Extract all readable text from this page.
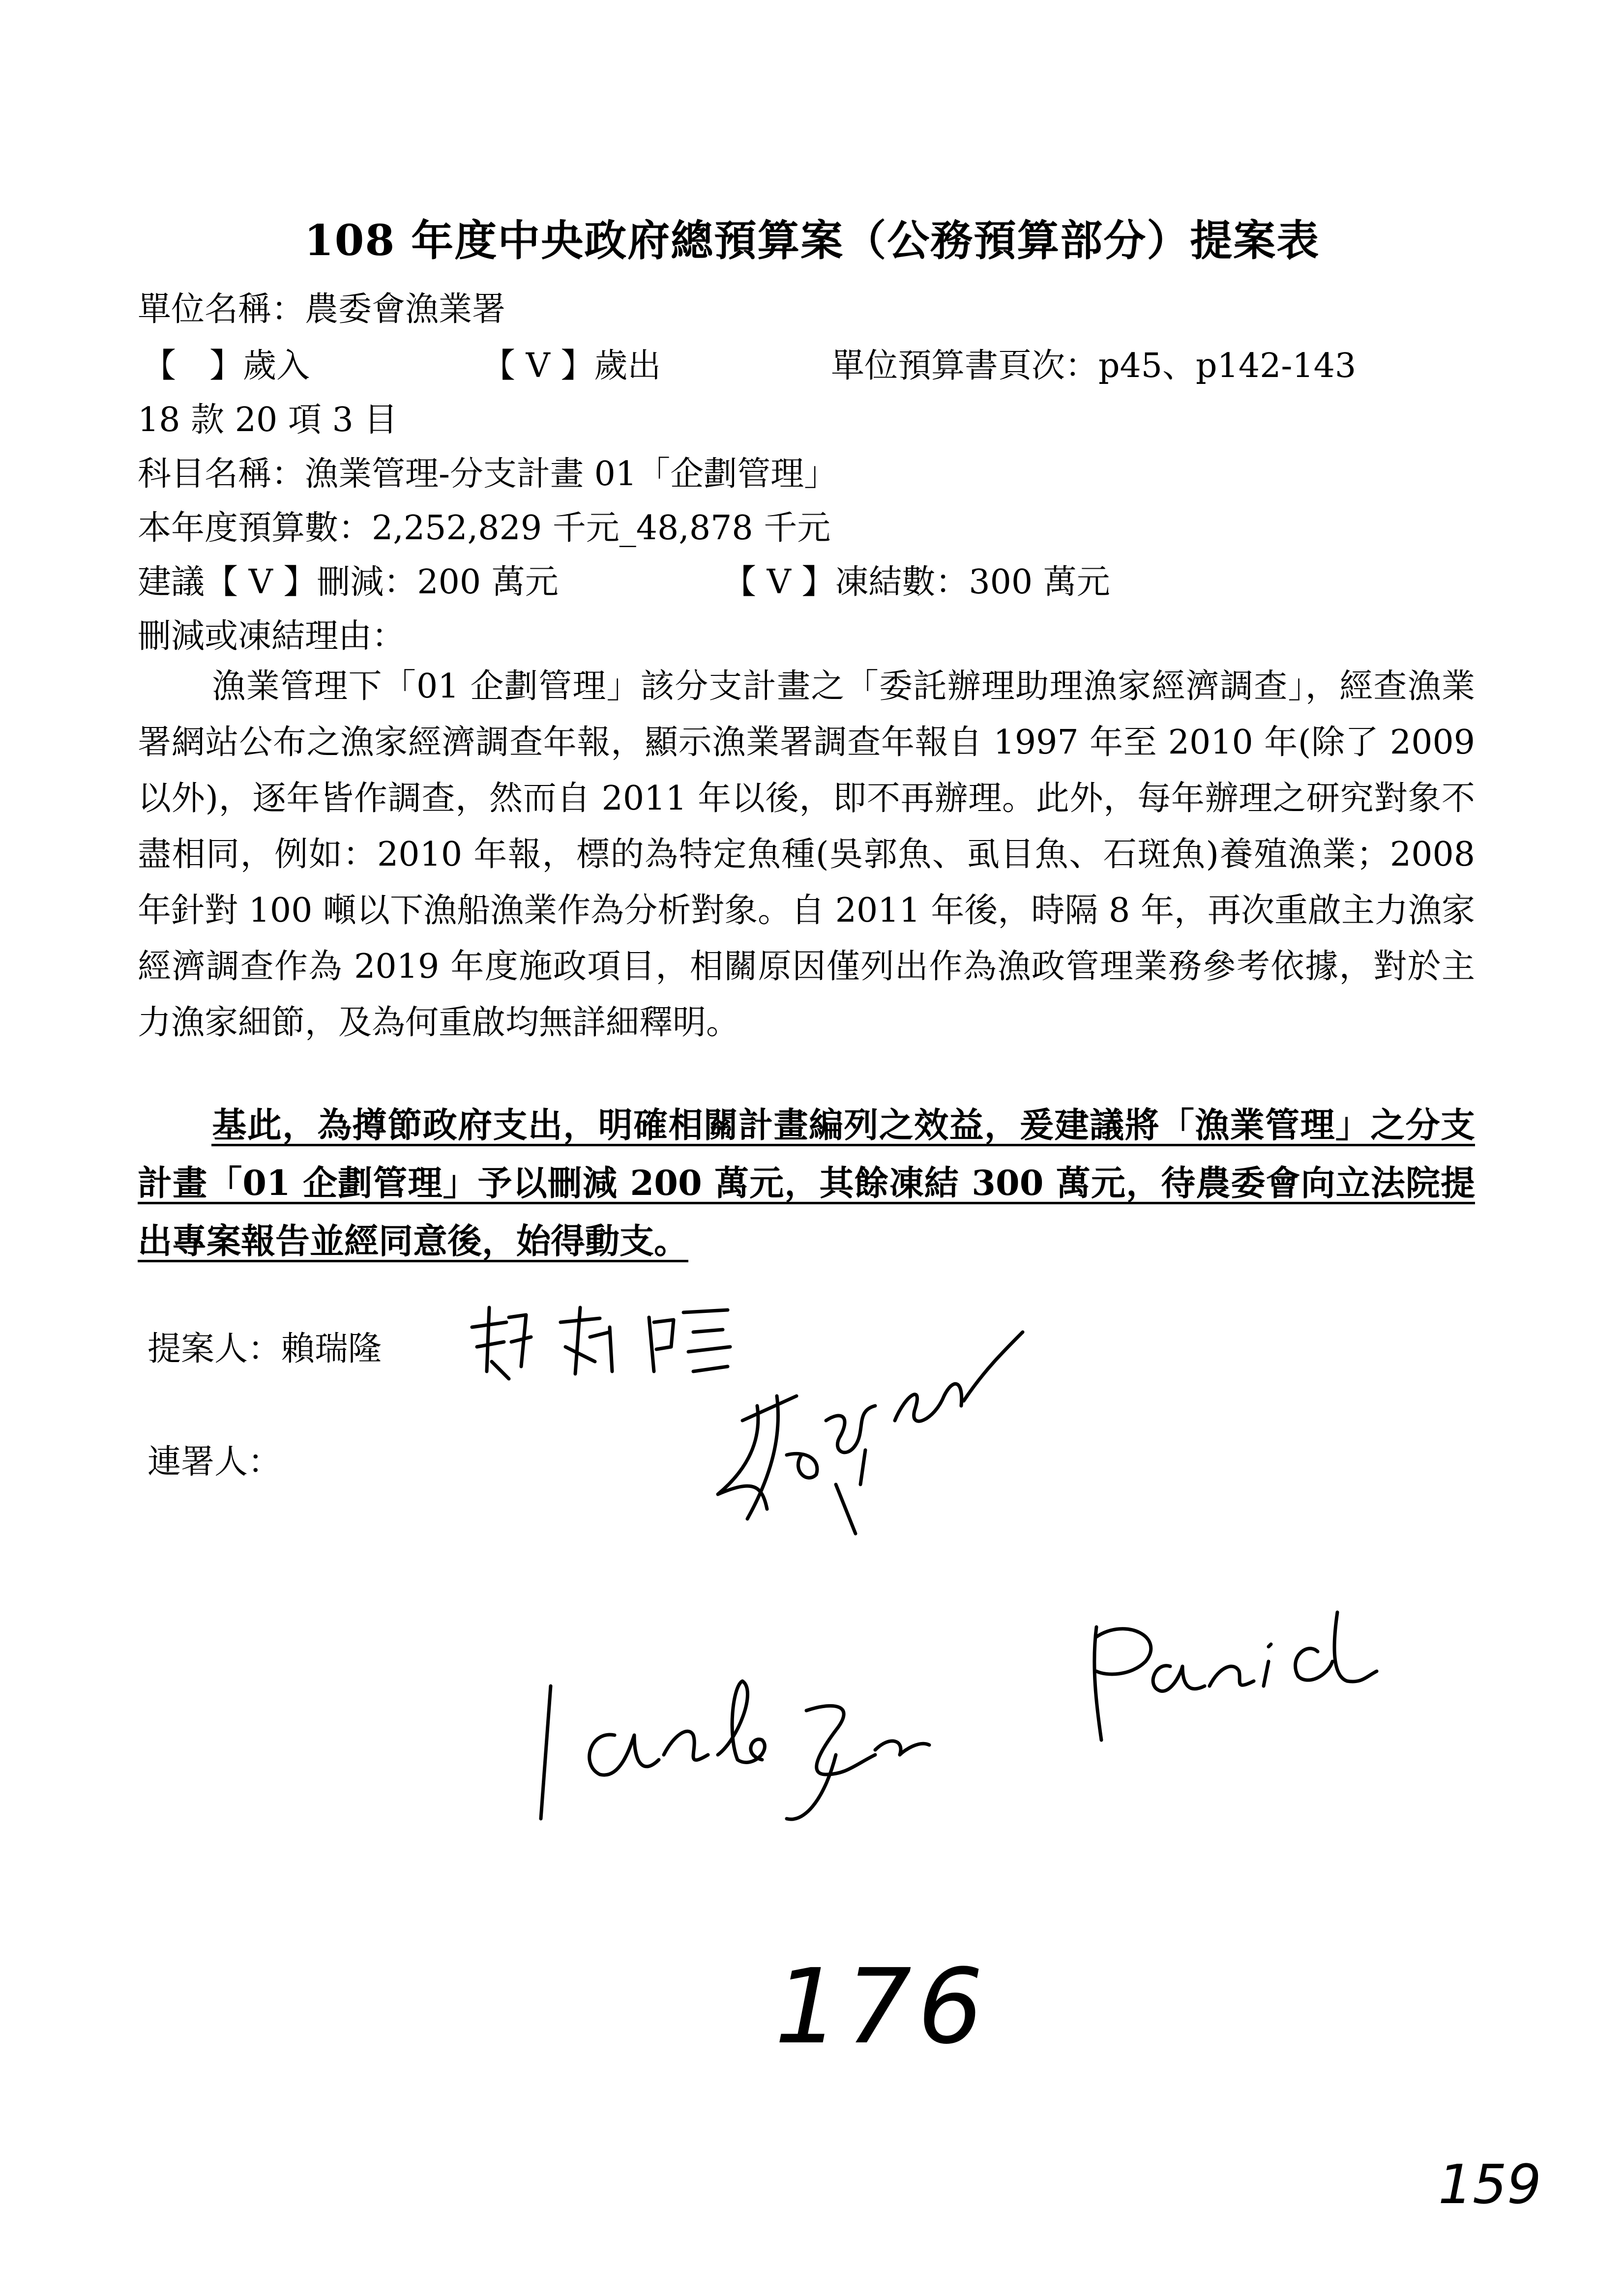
108 年度中央政府總預算案（公務預算部分）提案表
單位名稱：農委會漁業署
【　】歲入	【 V 】歲出	單位預算書頁次：p45、p142-143
18 款 20 項 3 目
科目名稱：漁業管理-分支計畫 01「企劃管理」
本年度預算數：2,252,829 千元_48,878 千元
建議【 V 】刪減：200 萬元	【 V 】凍結數：300 萬元
刪減或凍結理由：
漁業管理下「01 企劃管理」該分支計畫之「委託辦理助理漁家經濟調查」，經查漁業署網站公布之漁家經濟調查年報，顯示漁業署調查年報自 1997 年至 2010 年(除了 2009 以外)，逐年皆作調查，然而自 2011 年以後，即不再辦理。此外，每年辦理之研究對象不盡相同，例如：2010 年報，標的為特定魚種(吳郭魚、虱目魚、石斑魚)養殖漁業；2008 年針對 100 噸以下漁船漁業作為分析對象。自 2011 年後，時隔 8 年，再次重啟主力漁家經濟調查作為 2019 年度施政項目，相關原因僅列出作為漁政管理業務參考依據，對於主力漁家細節，及為何重啟均無詳細釋明。
基此，為撙節政府支出，明確相關計畫編列之效益，爰建議將「漁業管理」之分支計畫「01 企劃管理」予以刪減 200 萬元，其餘凍結 300 萬元，待農委會向立法院提出專案報告並經同意後，始得動支。
提案人：賴瑞隆
連署人：
176
159
